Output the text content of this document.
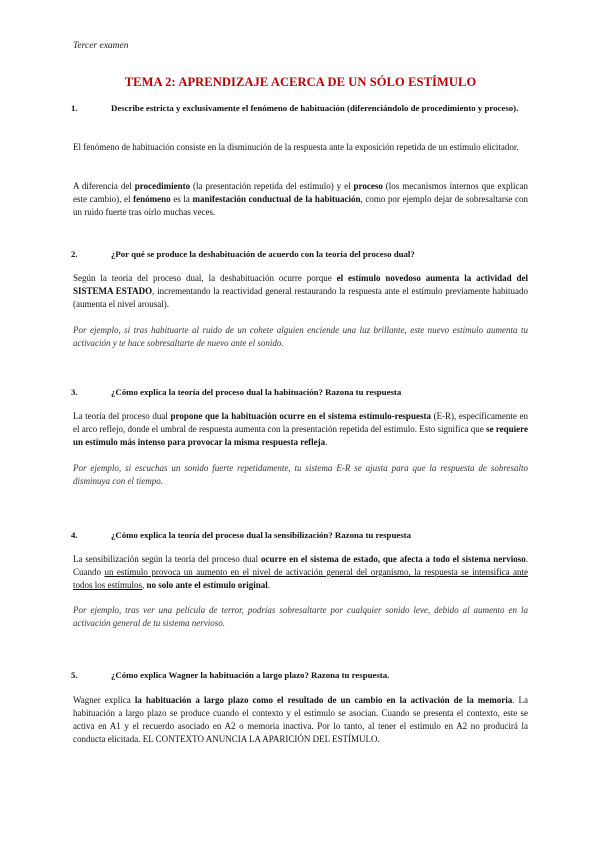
Tercer examen
TEMA 2: APRENDIZAJE ACERCA DE UN SÓLO ESTÍMULO
1.	Describe estricta y exclusivamente el fenómeno de habituación (diferenciándolo de procedimiento y proceso).

El fenómeno de habituación consiste en la disminución de la respuesta ante la exposición repetida de un estímulo elicitador.

A diferencia del procedimiento (la presentación repetida del estímulo) y el proceso (los mecanismos internos que explican este cambio), el fenómeno es la manifestación conductual de la habituación, como por ejemplo dejar de sobresaltarse con un ruido fuerte tras oírlo muchas veces.

2.	¿Por qué se produce la deshabituación de acuerdo con la teoría del proceso dual?

Según la teoría del proceso dual, la deshabituación ocurre porque el estímulo novedoso aumenta la actividad del SISTEMA ESTADO, incrementando la reactividad general restaurando la respuesta ante el estímulo previamente habituado (aumenta el nivel arousal).

Por ejemplo, si tras habituarte al ruido de un cohete alguien enciende una luz brillante, este nuevo estímulo aumenta tu activación y te hace sobresaltarte de nuevo ante el sonido.

3.	¿Cómo explica la teoría del proceso dual la habituación? Razona tu respuesta

La teoría del proceso dual propone que la habituación ocurre en el sistema estímulo-respuesta (E-R), específicamente en el arco reflejo, donde el umbral de respuesta aumenta con la presentación repetida del estímulo. Esto significa que se requiere un estímulo más intenso para provocar la misma respuesta refleja.

Por ejemplo, si escuchas un sonido fuerte repetidamente, tu sistema E-R se ajusta para que la respuesta de sobresalto disminuya con el tiempo.

4.	¿Cómo explica la teoría del proceso dual la sensibilización? Razona tu respuesta

La sensibilización según la teoría del proceso dual ocurre en el sistema de estado, que afecta a todo el sistema nervioso. Cuando un estímulo provoca un aumento en el nivel de activación general del organismo, la respuesta se intensifica ante todos los estímulos, no solo ante el estímulo original.

Por ejemplo, tras ver una película de terror, podrías sobresaltarte por cualquier sonido leve, debido al aumento en la activación general de tu sistema nervioso.

5.	¿Cómo explica Wagner la habituación a largo plazo? Razona tu respuesta.

Wagner explica la habituación a largo plazo como el resultado de un cambio en la activación de la memoria. La habituación a largo plazo se produce cuando el contexto y el estímulo se asocian. Cuando se presenta el contexto, este se activa en A1 y el recuerdo asociado en A2 o memoria inactiva. Por lo tanto, al tener el estímulo en A2 no producirá la conducta elicitada. EL CONTEXTO ANUNCIA LA APARICIÓN DEL ESTÍMULO.
